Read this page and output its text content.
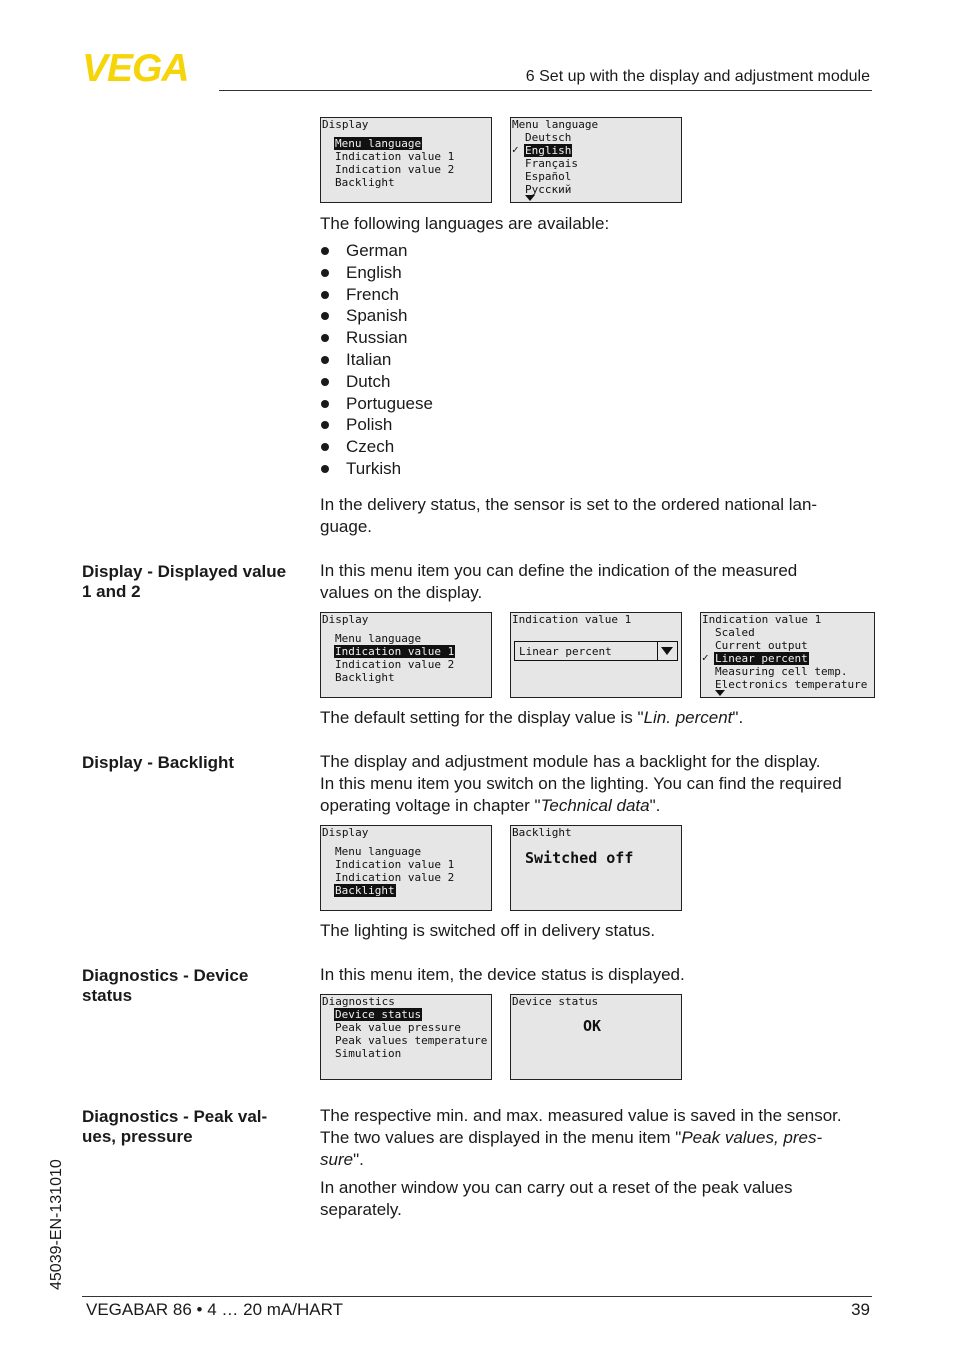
VEGA	6 Set up with the display and adjustment module
Display
Menu language
Indication value 1
Indication value 2
Backlight
Menu language
Deutsch
✓ English
Français
Español
Русский
The following languages are available:
German
English
French
Spanish
Russian
Italian
Dutch
Portuguese
Polish
Czech
Turkish
In the delivery status, the sensor is set to the ordered national lan-
guage.
Display - Displayed value
1 and 2
In this menu item you can define the indication of the measured
values on the display.
Display
Menu language
Indication value 1
Indication value 2
Backlight
Indication value 1
Linear percent
Indication value 1
Scaled
Current output
✓ Linear percent
Measuring cell temp.
Electronics temperature
The default setting for the display value is "Lin. percent".
Display - Backlight	The display and adjustment module has a backlight for the display.
In this menu item you switch on the lighting. You can find the required
operating voltage in chapter "Technical data".
Display
Menu language
Indication value 1
Indication value 2
Backlight
Backlight
Switched off
The lighting is switched off in delivery status.
Diagnostics - Device
status
In this menu item, the device status is displayed.
Diagnostics
Device status
Peak value pressure
Peak values temperature
Simulation
Device status
OK
Diagnostics - Peak val-
ues, pressure
The respective min. and max. measured value is saved in the sensor.
The two values are displayed in the menu item "Peak values, pres-
sure".
In another window you can carry out a reset of the peak values
separately.
45039-EN-131010
VEGABAR 86 • 4 … 20 mA/HART	39
